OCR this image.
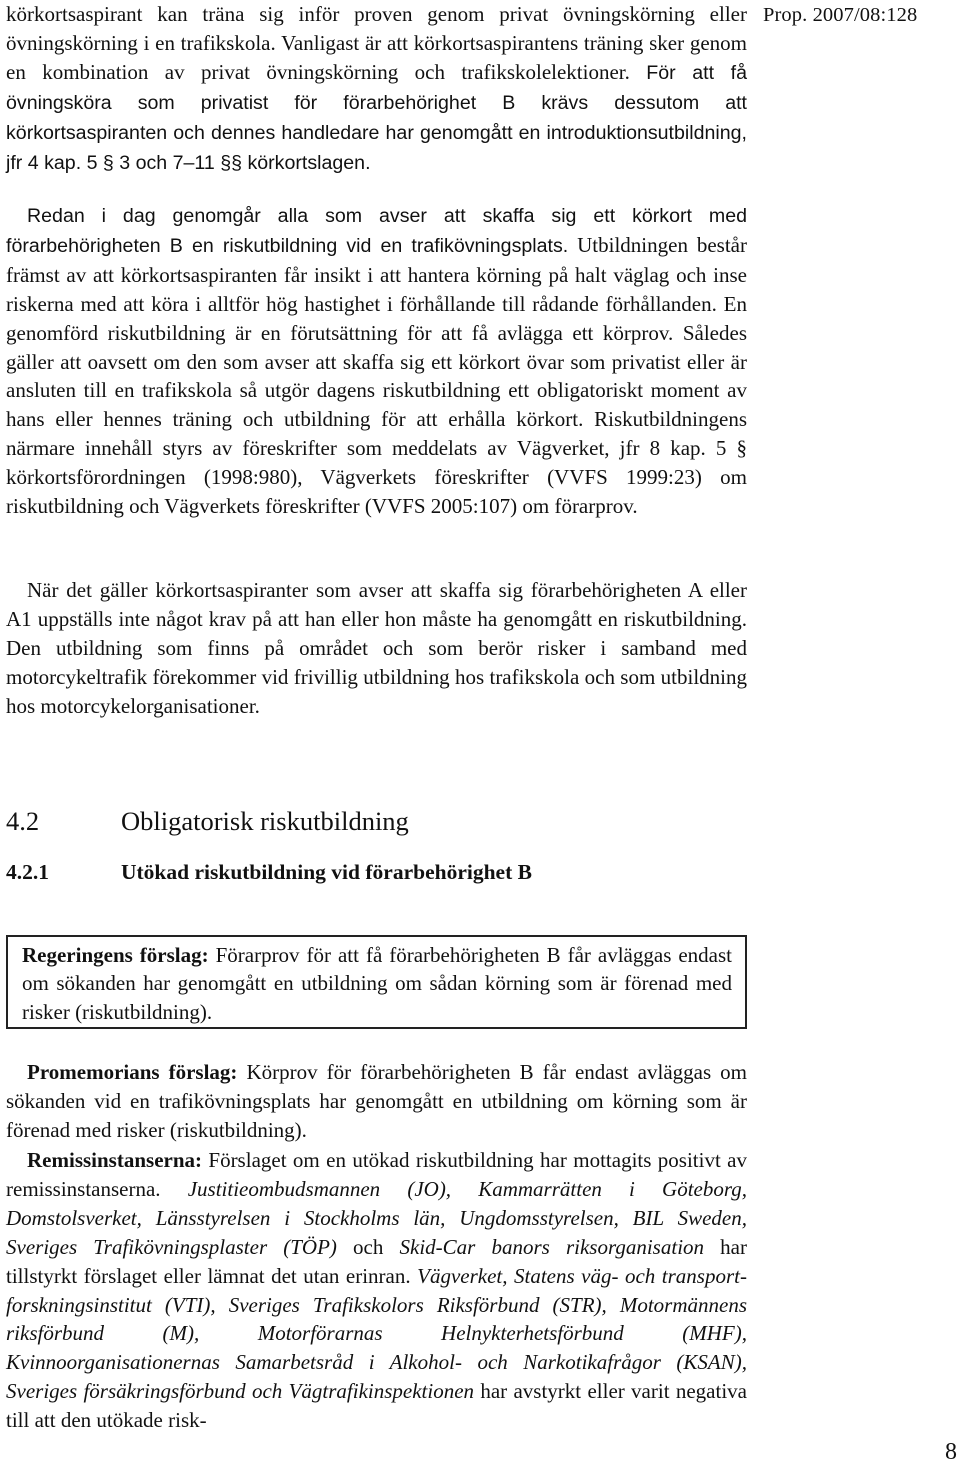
Prop. 2007/08:128

körkortsaspirant kan träna sig inför proven genom privat övningskörning eller övningskörning i en trafikskola. Vanligast är att körkortsaspirantens träning sker genom en kombination av privat övningskörning och trafikskolelektioner. För att få övningsköra som privatist för förarbehörighet B krävs dessutom att körkortsaspiranten och dennes handledare har genomgått en introduktionsutbildning, jfr 4 kap. 5 § 3 och 7–11 §§ körkortslagen.

Redan i dag genomgår alla som avser att skaffa sig ett körkort med förarbehörigheten B en riskutbildning vid en trafikövningsplats. Utbildningen består främst av att körkortsaspiranten får insikt i att hantera körning på halt väglag och inse riskerna med att köra i alltför hög hastighet i förhållande till rådande förhållanden. En genomförd riskutbildning är en förutsättning för att få avlägga ett körprov. Således gäller att oavsett om den som avser att skaffa sig ett körkort övar som privatist eller är ansluten till en trafikskola så utgör dagens riskutbildning ett obligatoriskt moment av hans eller hennes träning och utbildning för att erhålla körkort. Riskutbildningens närmare innehåll styrs av föreskrifter som meddelats av Vägverket, jfr 8 kap. 5 § körkortsförordningen (1998:980), Vägverkets föreskrifter (VVFS 1999:23) om riskutbildning och Vägverkets föreskrifter (VVFS 2005:107) om förarprov.

När det gäller körkortsaspiranter som avser att skaffa sig förarbehörigheten A eller A1 uppställs inte något krav på att han eller hon måste ha genomgått en riskutbildning. Den utbildning som finns på området och som berör risker i samband med motorcykeltrafik förekommer vid frivillig utbildning hos trafikskola och som utbildning hos motorcykelorganisationer.

4.2	Obligatorisk riskutbildning
4.2.1	Utökad riskutbildning vid förarbehörighet B

Regeringens förslag: Förarprov för att få förarbehörigheten B får avläggas endast om sökanden har genomgått en utbildning om sådan körning som är förenad med risker (riskutbildning).

Promemorians förslag: Körprov för förarbehörigheten B får endast avläggas om sökanden vid en trafikövningsplats har genomgått en utbildning om körning som är förenad med risker (riskutbildning).

Remissinstanserna: Förslaget om en utökad riskutbildning har mottagits positivt av remissinstanserna. Justitieombudsmannen (JO), Kammarrätten i Göteborg, Domstolsverket, Länsstyrelsen i Stockholms län, Ungdomsstyrelsen, BIL Sweden, Sveriges Trafikövningsplaster (TÖP) och Skid-Car banors riksorganisation har tillstyrkt förslaget eller lämnat det utan erinran. Vägverket, Statens väg- och transportforskningsinstitut (VTI), Sveriges Trafikskolors Riksförbund (STR), Motormännens riksförbund (M), Motorförarnas Helnykterhetsförbund (MHF), Kvinnoorganisationernas Samarbetsråd i Alkohol- och Narkotikafrågor (KSAN), Sveriges försäkringsförbund och Vägtrafikinspektionen har avstyrkt eller varit negativa till att den utökade risk-

8
